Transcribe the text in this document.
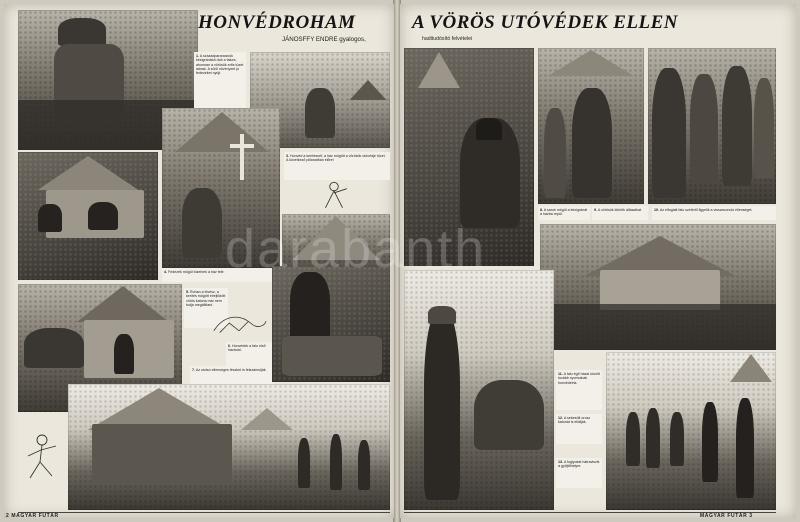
1. A századparancsnok kézigránátot dob a falura, ahonnan a vörösök erős tüzet adnak. A sűrű növényzet jó fedezéket nyújt.
3. Honvéd a kerítésnél; a ház mögött a vörösök utóvédje tüzel. A következő pillanatban előre!
4. Fedezék mögül tüzelnek a ház felé.
5. Rohan a lövész, a kerítés mögött elrejtőzött vörös katona már nem tudja megállítani.
6. Honvédek a falu első házánál.
7. Az utolsó ellenséges fészket is felszámolják.
HONVÉDROHAM
JÁNOSFFY ENDRE gyalogos,
2 MAGYAR FUTÁR
A VÖRÖS UTÓVÉDEK ELLEN
haditudósító felvételei
8. A sarok mögül a kézigránát a házba repül.
9. A vörösök kiürítik állásaikat.	10. Az elfoglalt falu széléről figyelik a visszavonuló ellenséget.
11. A falu égő házai között tovább nyomulnak honvédeink.
12. A sebesült orosz katonát is ellátják.
13. A foglyokat hátraviszik a gyűjtőhelyre.
MAGYAR FUTÁR 3
darabanth
